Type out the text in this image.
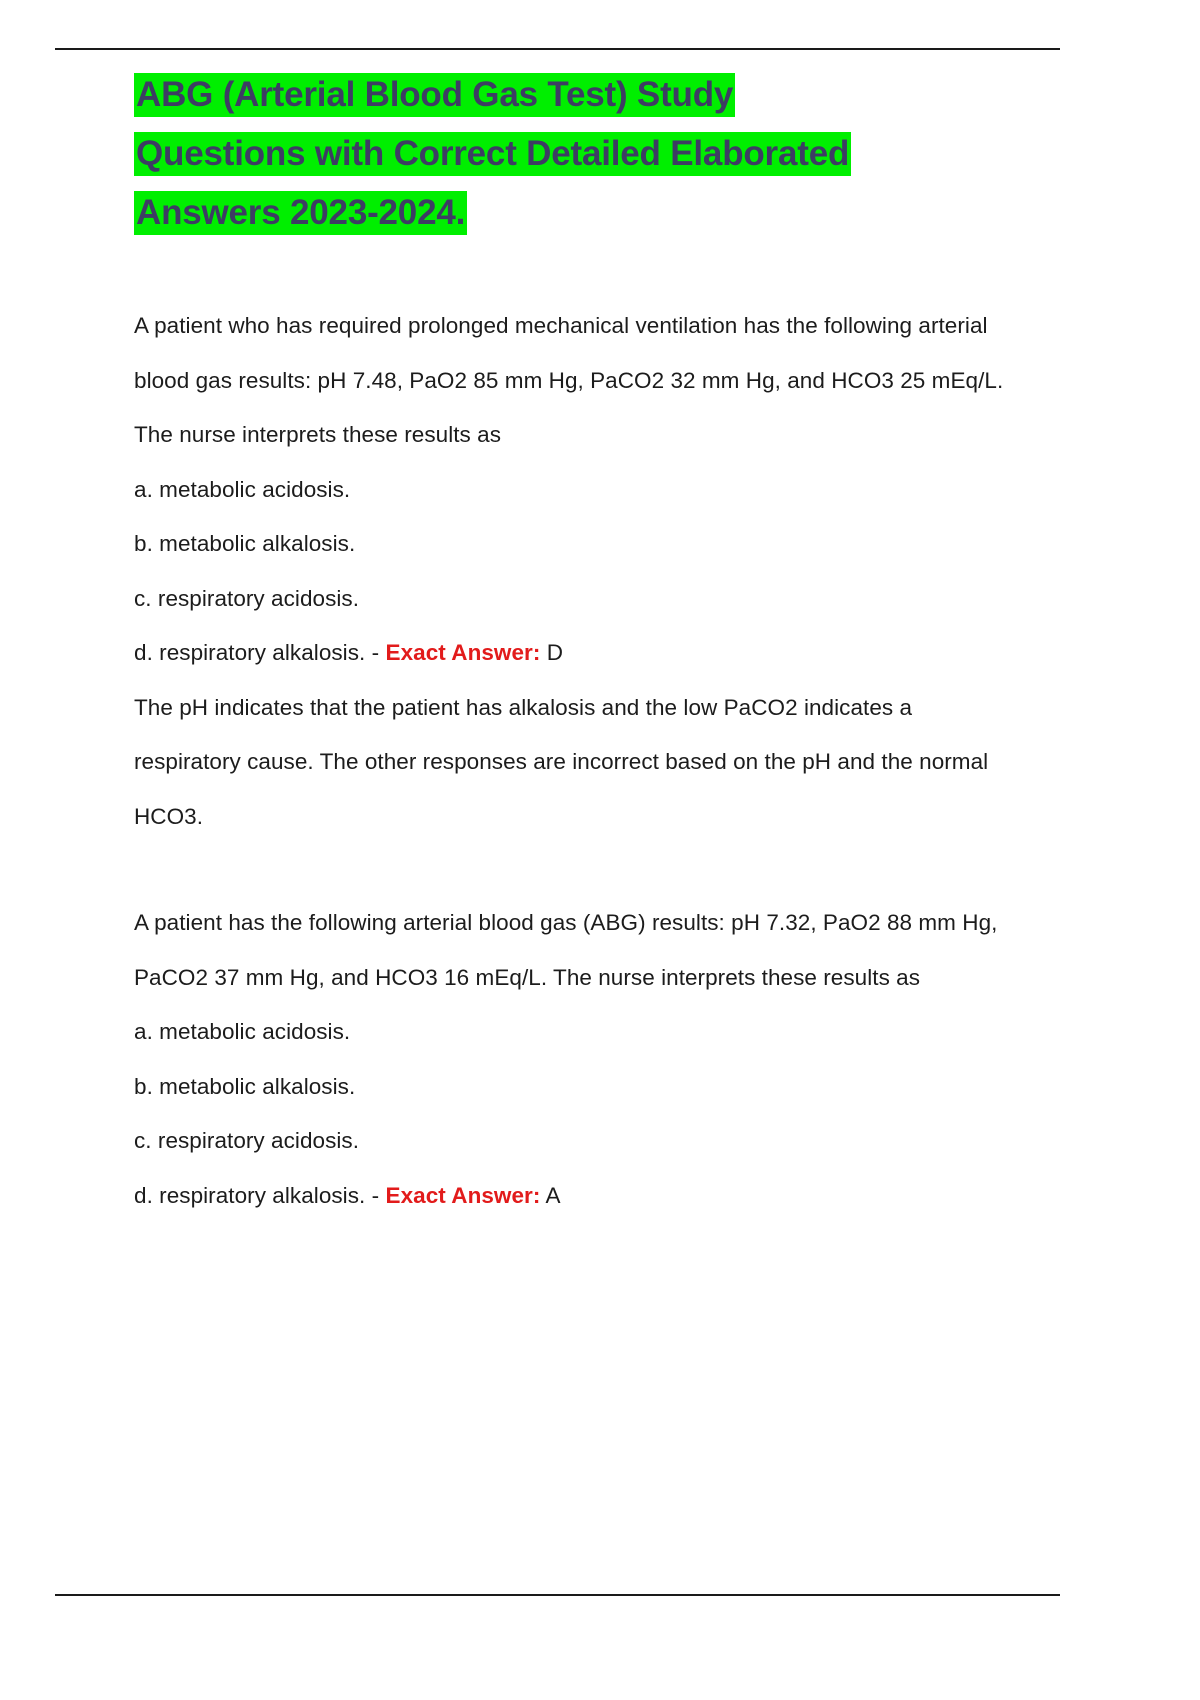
ABG (Arterial Blood Gas Test) Study
Questions with Correct Detailed Elaborated
Answers 2023-2024.

A patient who has required prolonged mechanical ventilation has the following arterial blood gas results: pH 7.48, PaO2 85 mm Hg, PaCO2 32 mm Hg, and HCO3 25 mEq/L. The nurse interprets these results as

a. metabolic acidosis.

b. metabolic alkalosis.

c. respiratory acidosis.

d. respiratory alkalosis. - Exact Answer: D

The pH indicates that the patient has alkalosis and the low PaCO2 indicates a respiratory cause. The other responses are incorrect based on the pH and the normal HCO3.

A patient has the following arterial blood gas (ABG) results: pH 7.32, PaO2 88 mm Hg, PaCO2 37 mm Hg, and HCO3 16 mEq/L. The nurse interprets these results as

a. metabolic acidosis.

b. metabolic alkalosis.

c. respiratory acidosis.

d. respiratory alkalosis. - Exact Answer: A
